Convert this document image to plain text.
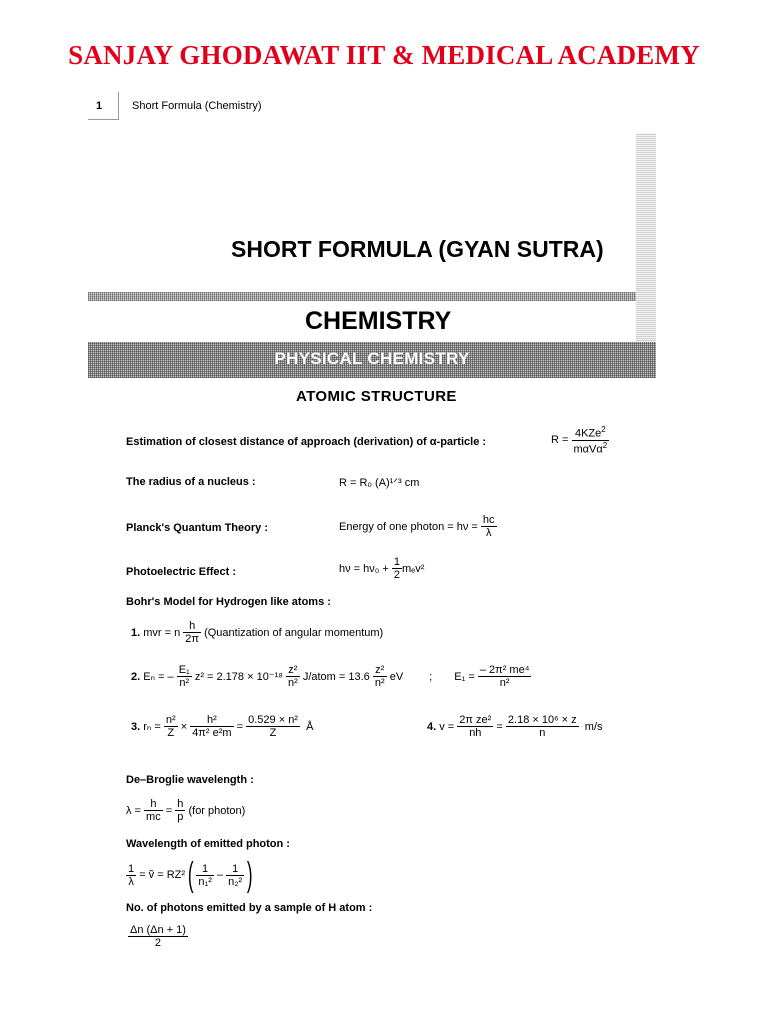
SANJAY GHODAWAT IIT & MEDICAL ACADEMY
1	Short Formula (Chemistry)
SHORT FORMULA (GYAN SUTRA)
CHEMISTRY
PHYSICAL CHEMISTRY
ATOMIC STRUCTURE
Estimation of closest distance of approach (derivation) of α-particle :	R =
$\frac{4KZe^2}{m\alpha V\alpha^2}$
The radius of a nucleus :	R = R₀ (A)¹ᐟ³ cm
Planck's Quantum Theory :	Energy of one photon = hν =
$\frac{hc}{\lambda}$
Photoelectric Effect :	hν = hν₀ +
$\frac{1}{2} m_ev^2$
Bohr's Model for Hydrogen like atoms :
1.
mvr = n
$\frac{h}{2\pi}$
(Quantization of angular momentum)
2.
Eₙ = –
$\frac{\text{E₁}}{\text{n²}}$
z² = 2.178 × 10⁻¹⁸
$\frac{\text{z²}}{\text{n²}}$
J/atom = 13.6
$\frac{\text{z²}}{\text{n²}}$
eV ; E₁ =
$\frac{\text{– 2π² me⁴}}{\text{n²}}$
3.
rₙ =
$\frac{\text{n²}}{Z}$
×
$\frac{\text{h²}}{\text{4π² e²m}}$
=
$\frac{\text{0.529 × n²}}{Z}$
Å	4.
v =
$\frac{\text{2π ze²}}{nh}$
=
$\frac{\text{2.18 × 10⁶ × z}}{n}$
m/s
De–Broglie wavelength :
λ =
$\frac{h}{mc}$
=
$\frac{h}{p}$
(for photon)
Wavelength of emitted photon :
$\frac{1}{\lambda}$
= ṽ = RZ² ( $\frac{1}{\text{n₁²}}$
–
$\frac{1}{\text{n₂²}}$ )
No. of photons emitted by a sample of H atom :
$\frac{\Delta n (\Delta n + 1)}{2}$
